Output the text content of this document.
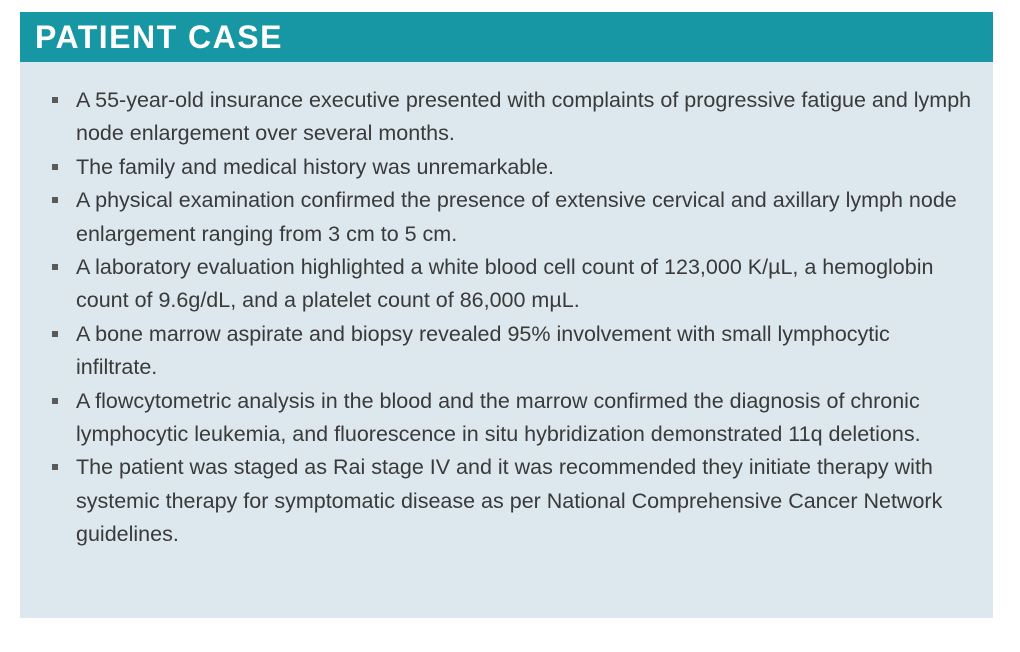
PATIENT CASE
A 55-year-old insurance executive presented with complaints of progressive fatigue and lymph node enlargement over several months.
The family and medical history was unremarkable.
A physical examination confirmed the presence of extensive cervical and axillary lymph node enlargement ranging from 3 cm to 5 cm.
A laboratory evaluation highlighted a white blood cell count of 123,000 K/µL, a hemoglobin count of 9.6g/dL, and a platelet count of 86,000 mµL.
A bone marrow aspirate and biopsy revealed 95% involvement with small lymphocytic infiltrate.
A flowcytometric analysis in the blood and the marrow confirmed the diagnosis of chronic lymphocytic leukemia, and fluorescence in situ hybridization demonstrated 11q deletions.
The patient was staged as Rai stage IV and it was recommended they initiate therapy with systemic therapy for symptomatic disease as per National Comprehensive Cancer Network guidelines.
